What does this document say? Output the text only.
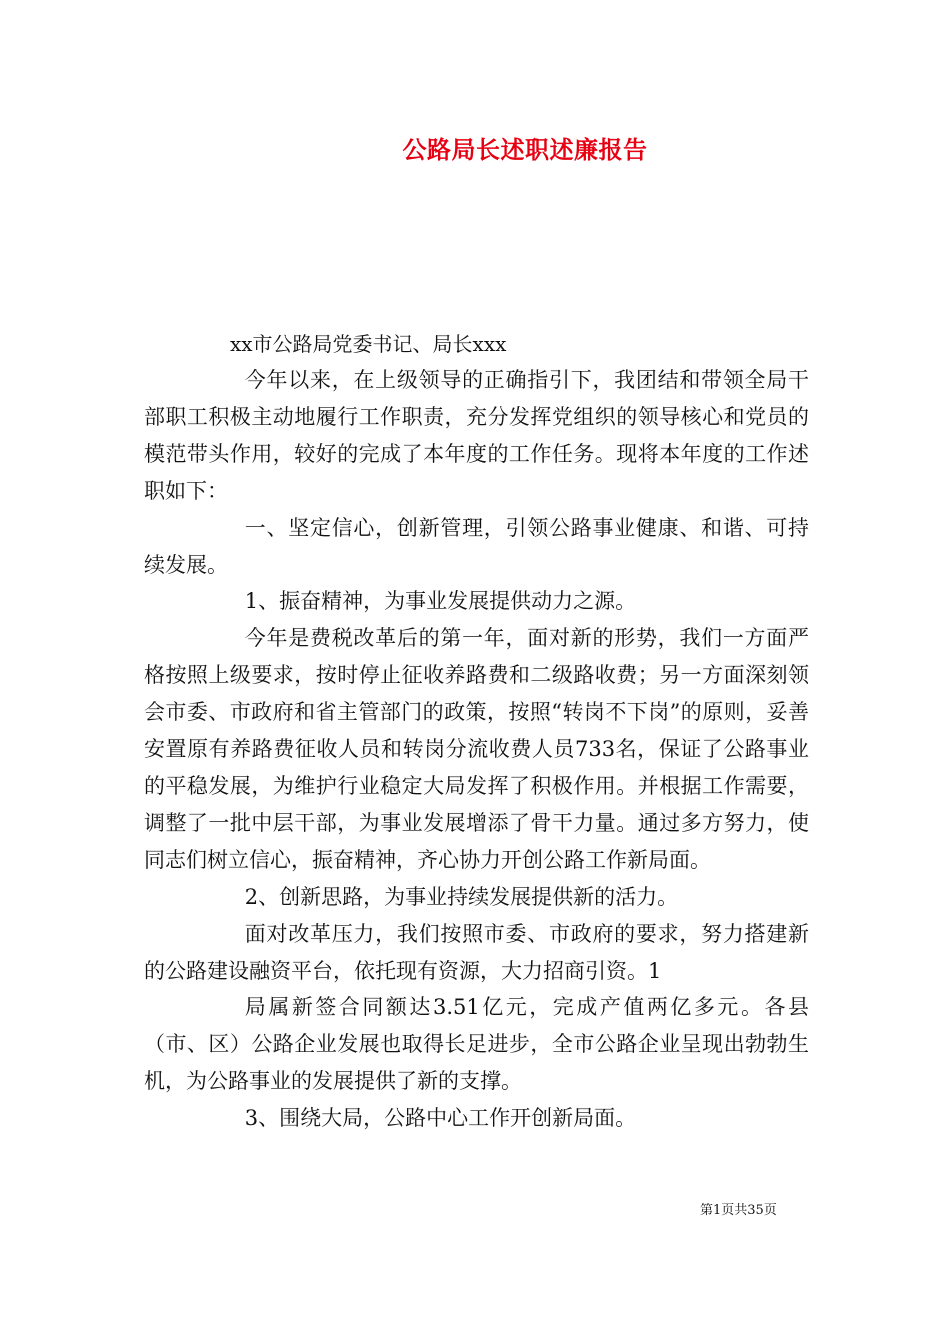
公路局长述职述廉报告
xx市公路局党委书记、局长xxx

今年以来，在上级领导的正确指引下，我团结和带领全局干部职工积极主动地履行工作职责，充分发挥党组织的领导核心和党员的模范带头作用，较好的完成了本年度的工作任务。现将本年度的工作述职如下：

一、坚定信心，创新管理，引领公路事业健康、和谐、可持续发展。

1、振奋精神，为事业发展提供动力之源。

今年是费税改革后的第一年，面对新的形势，我们一方面严格按照上级要求，按时停止征收养路费和二级路收费；另一方面深刻领会市委、市政府和省主管部门的政策，按照“转岗不下岗”的原则，妥善安置原有养路费征收人员和转岗分流收费人员733名，保证了公路事业的平稳发展，为维护行业稳定大局发挥了积极作用。并根据工作需要，调整了一批中层干部，为事业发展增添了骨干力量。通过多方努力，使同志们树立信心，振奋精神，齐心协力开创公路工作新局面。

2、创新思路，为事业持续发展提供新的活力。

面对改革压力，我们按照市委、市政府的要求，努力搭建新的公路建设融资平台，依托现有资源，大力招商引资。1

局属新签合同额达3.51亿元，完成产值两亿多元。各县（市、区）公路企业发展也取得长足进步，全市公路企业呈现出勃勃生机，为公路事业的发展提供了新的支撑。

3、围绕大局，公路中心工作开创新局面。

第1页共35页
